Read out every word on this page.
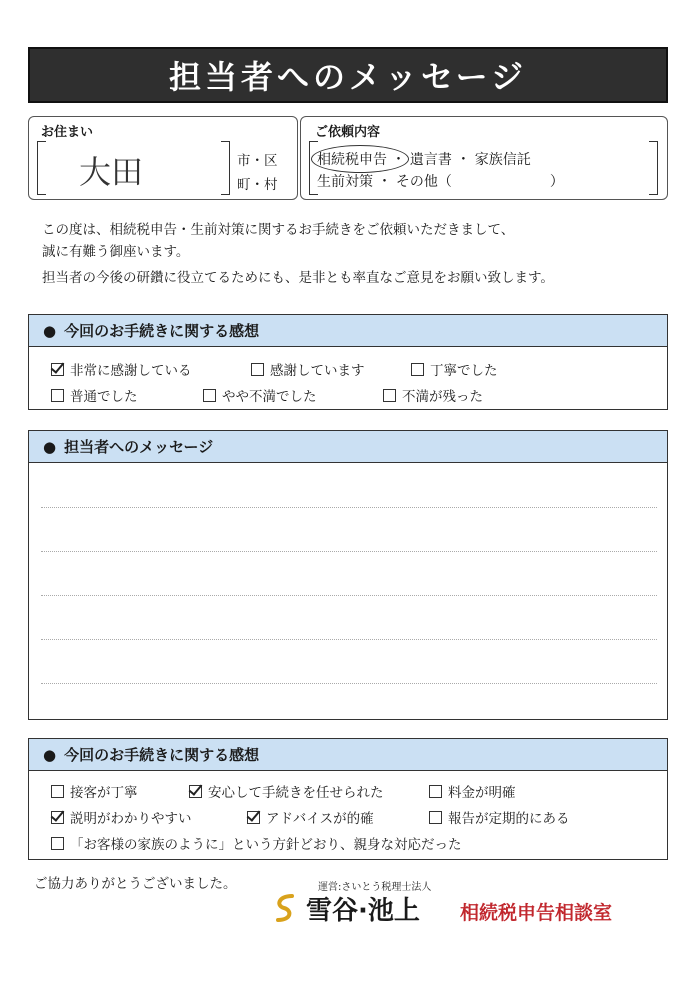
担当者へのメッセージ
お住まい
大田	市・区
町・村
ご依頼内容
相続税申告 ・ 遺言書 ・ 家族信託
生前対策 ・ その他（　　　　　　　）
この度は、相続税申告・生前対策に関するお手続きをご依頼いただきまして、
誠に有難う御座います。
担当者の今後の研鑽に役立てるためにも、是非とも率直なご意見をお願い致します。
● 今回のお手続きに関する感想
非常に感謝している	感謝しています	丁寧でした
普通でした	やや不満でした	不満が残った
● 担当者へのメッセージ
● 今回のお手続きに関する感想
接客が丁寧	安心して手続きを任せられた	料金が明確
説明がわかりやすい	アドバイスが的確	報告が定期的にある
「お客様の家族のように」という方針どおり、親身な対応だった
ご協力ありがとうございました。	運営:さいとう税理士法人
雪谷·池上 相続税申告相談室
